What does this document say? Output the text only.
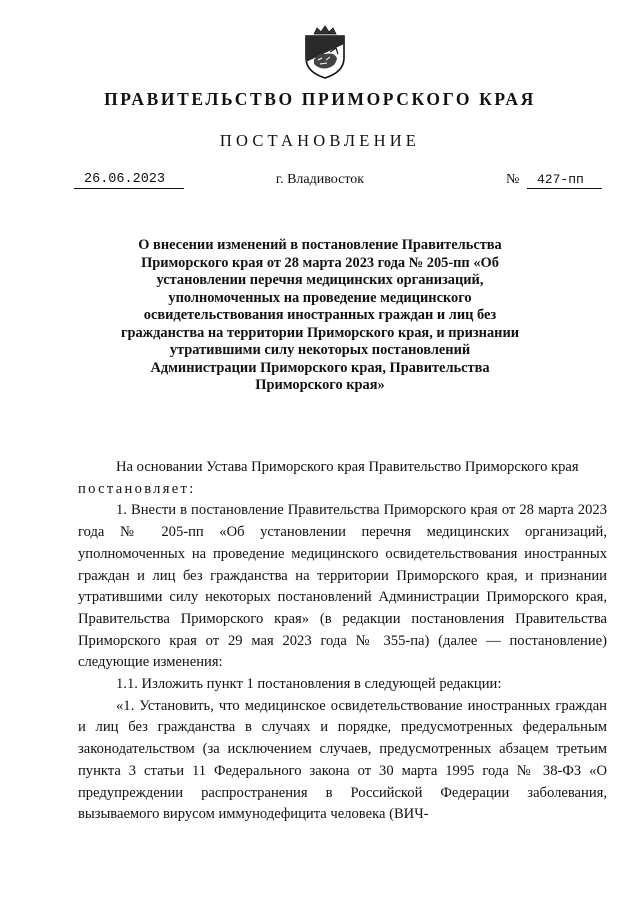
ПРАВИТЕЛЬСТВО ПРИМОРСКОГО КРАЯ
ПОСТАНОВЛЕНИЕ
26.06.2023	г. Владивосток	№	427-пп
О внесении изменений в постановление Правительства Приморского края от 28 марта 2023 года № 205-пп «Об установлении перечня медицинских организаций, уполномоченных на проведение медицинского освидетельствования иностранных граждан и лиц без гражданства на территории Приморского края, и признании утратившими силу некоторых постановлений Администрации Приморского края, Правительства Приморского края»

На основании Устава Приморского края Правительство Приморского края

постановляет:

1. Внести в постановление Правительства Приморского края от 28 марта 2023 года № 205-пп «Об установлении перечня медицинских организаций, уполномоченных на проведение медицинского освидетельствования иностранных граждан и лиц без гражданства на территории Приморского края, и признании утратившими силу некоторых постановлений Администрации Приморского края, Правительства Приморского края» (в редакции постановления Правительства Приморского края от 29 мая 2023 года № 355-па) (далее — постановление) следующие изменения:

1.1. Изложить пункт 1 постановления в следующей редакции:

«1. Установить, что медицинское освидетельствование иностранных граждан и лиц без гражданства в случаях и порядке, предусмотренных федеральным законодательством (за исключением случаев, предусмотренных абзацем третьим пункта 3 статьи 11 Федерального закона от 30 марта 1995 года № 38-ФЗ «О предупреждении распространения в Российской Федерации заболевания, вызываемого вирусом иммунодефицита человека (ВИЧ-
